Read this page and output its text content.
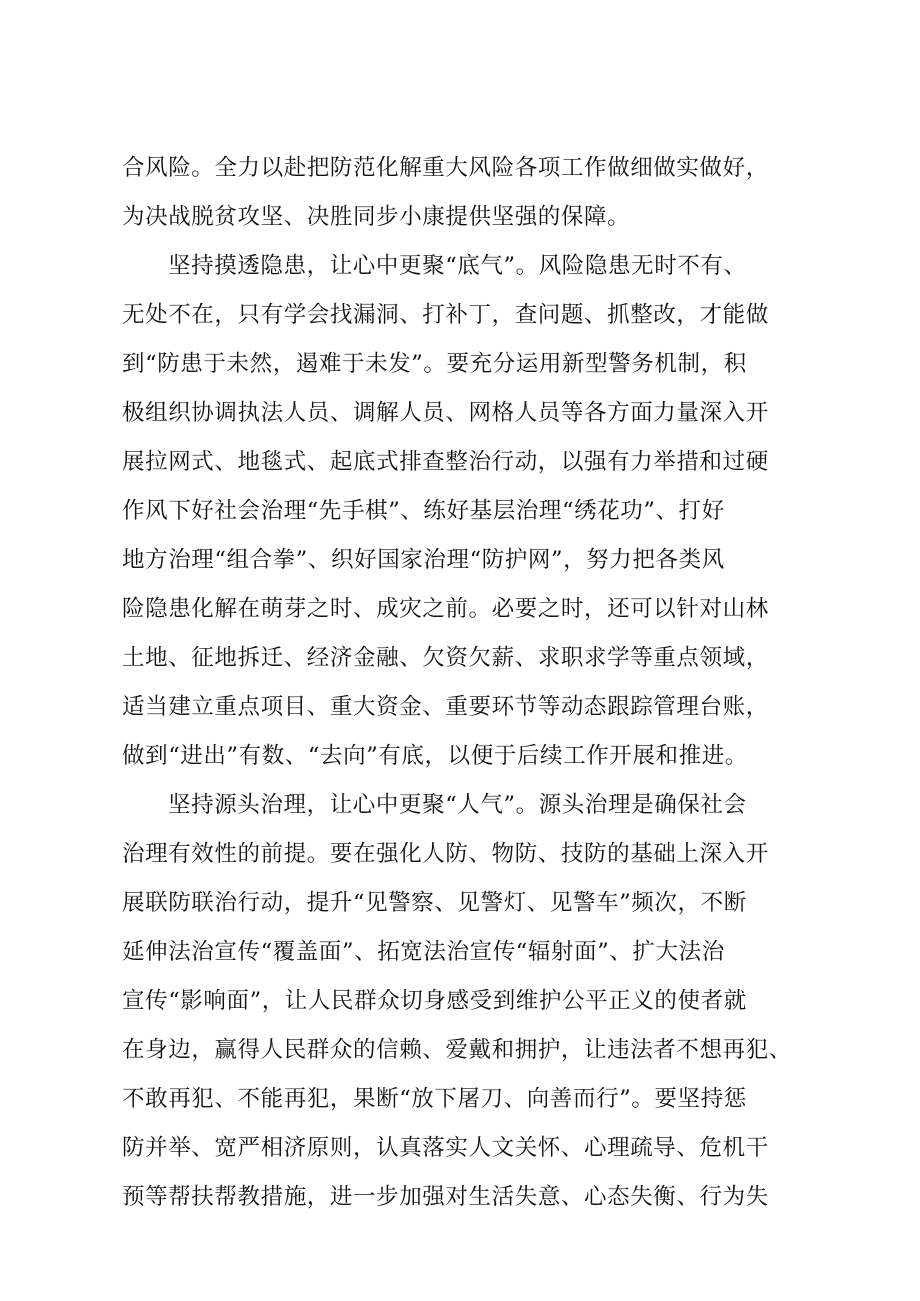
合风险。全力以赴把防范化解重大风险各项工作做细做实做好，
为决战脱贫攻坚、决胜同步小康提供坚强的保障。
坚持摸透隐患，让心中更聚“底气”。风险隐患无时不有、
无处不在，只有学会找漏洞、打补丁，查问题、抓整改，才能做
到“防患于未然，遏难于未发”。要充分运用新型警务机制，积
极组织协调执法人员、调解人员、网格人员等各方面力量深入开
展拉网式、地毯式、起底式排查整治行动，以强有力举措和过硬
作风下好社会治理“先手棋”、练好基层治理“绣花功”、打好
地方治理“组合拳”、织好国家治理“防护网”，努力把各类风
险隐患化解在萌芽之时、成灾之前。必要之时，还可以针对山林
土地、征地拆迁、经济金融、欠资欠薪、求职求学等重点领域，
适当建立重点项目、重大资金、重要环节等动态跟踪管理台账，
做到“进出”有数、“去向”有底，以便于后续工作开展和推进。
坚持源头治理，让心中更聚“人气”。源头治理是确保社会
治理有效性的前提。要在强化人防、物防、技防的基础上深入开
展联防联治行动，提升“见警察、见警灯、见警车”频次，不断
延伸法治宣传“覆盖面”、拓宽法治宣传“辐射面”、扩大法治
宣传“影响面”，让人民群众切身感受到维护公平正义的使者就
在身边，赢得人民群众的信赖、爱戴和拥护，让违法者不想再犯、
不敢再犯、不能再犯，果断“放下屠刀、向善而行”。要坚持惩
防并举、宽严相济原则，认真落实人文关怀、心理疏导、危机干
预等帮扶帮教措施，进一步加强对生活失意、心态失衡、行为失
